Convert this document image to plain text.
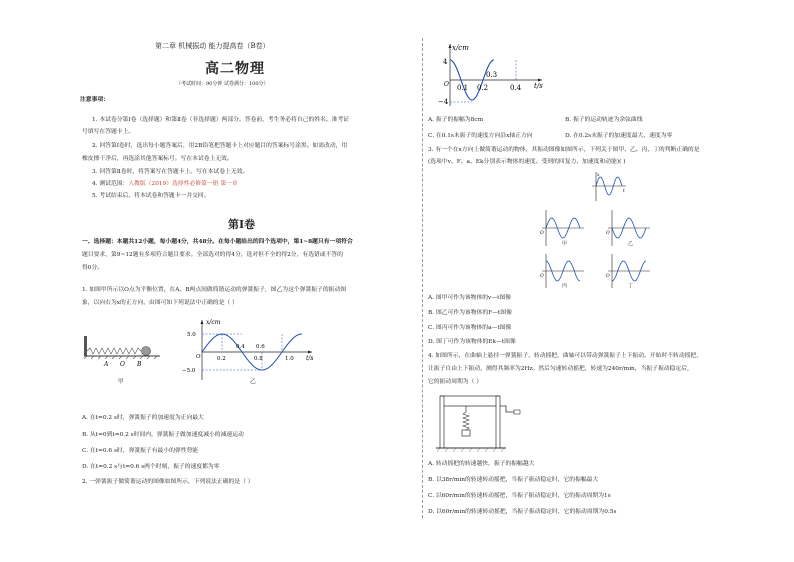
第二章 机械振动 能力提高卷（B卷）
高二物理
（考试时间：90分钟 试卷满分：100分）
注意事项：
1. 本试卷分第Ⅰ卷（选择题）和第Ⅱ卷（非选择题）两部分。答卷前，考生务必将自己的姓名、准考证
号填写在答题卡上。
2. 回答第Ⅰ卷时，选出每小题答案后，用2B铅笔把答题卡上对应题目的答案标号涂黑。如需改动，用
橡皮擦干净后，再选涂其他答案标号。写在本试卷上无效。
3. 回答第Ⅱ卷时，将答案写在答题卡上。写在本试卷上无效。
4. 测试范围：人教版（2019）选择性必修第一册 第一章
5. 考试结束后，将本试卷和答题卡一并交回。
第Ⅰ卷
一、选择题：本题共12小题，每小题4分，共48分。在每小题给出的四个选项中，第1~8题只有一项符合
题目要求，第9~12题有多项符合题目要求。全部选对的得4分，选对但不全的得2分，有选错或不答的
得0分。
1. 如图甲所示以O点为平衡位置，在A、B两点间做简谐运动的弹簧振子，图乙为这个弹簧振子的振动图
象，以向右为x的正方向，由图可知下列说法中正确的是（ ）
A O B
甲
x/cm
t/s
O
5.0
−5.0
0.2
0.4 0.6
0.8	1.0
乙
A. 在t=0.2 s时，弹簧振子的加速度为正向最大
B. 从t=0到t=0.2 s时间内，弹簧振子做加速度减小的减速运动
C. 在t=0.6 s时，弹簧振子有最小的弹性势能
D. 在t=0.2 s与t=0.6 s两个时刻，振子的速度都为零
2. 一弹簧振子做简谐运动的图像如图所示，下列说法正确的是（ ）
x/cm
t/s
O
4
−4
0.1 0.2
0.3
0.4
A. 振子的振幅为8cm	B. 振子的运动轨迹为余弦曲线
C. 在0.1s末振子的速度方向沿x轴正方向	D. 在0.2s末振子的加速度最大，速度为零
3. 有一个在x方向上做简谐运动的物体，其振动图像如图所示，下列关于图甲、乙、丙、丁的判断正确的是
(选项中v、F、a、Ek分别表示物体的速度、受到的回复力、加速度和动能)( )
x
t
O
甲
O
乙
O
丙
O
丁
A. 图甲可作为该物体的v—t图像
B. 图乙可作为该物体的F—t图像
C. 图丙可作为该物体的a—t图像
D. 图丁可作为该物体的Ek—t图像
4. 如图所示，在曲轴上悬挂一弹簧振子，转动摇把，曲轴可以带动弹簧振子上下振动。开始时不转动摇把，
让振子自由上下振动，测得其频率为2Hz。然后匀速转动摇把，转速为240r/min，当振子振动稳定后，
它的振动周期为（ ）
A. 转动摇把的转速越快，振子的振幅越大
B. 以38r/min的转速转动摇把，当振子振动稳定时，它的振幅最大
C. 以60r/min的转速转动摇把，当振子振动稳定时，它的振动周期为1s
D. 以60r/min的转速转动摇把，当振子振动稳定时，它的振动周期为0.5s
